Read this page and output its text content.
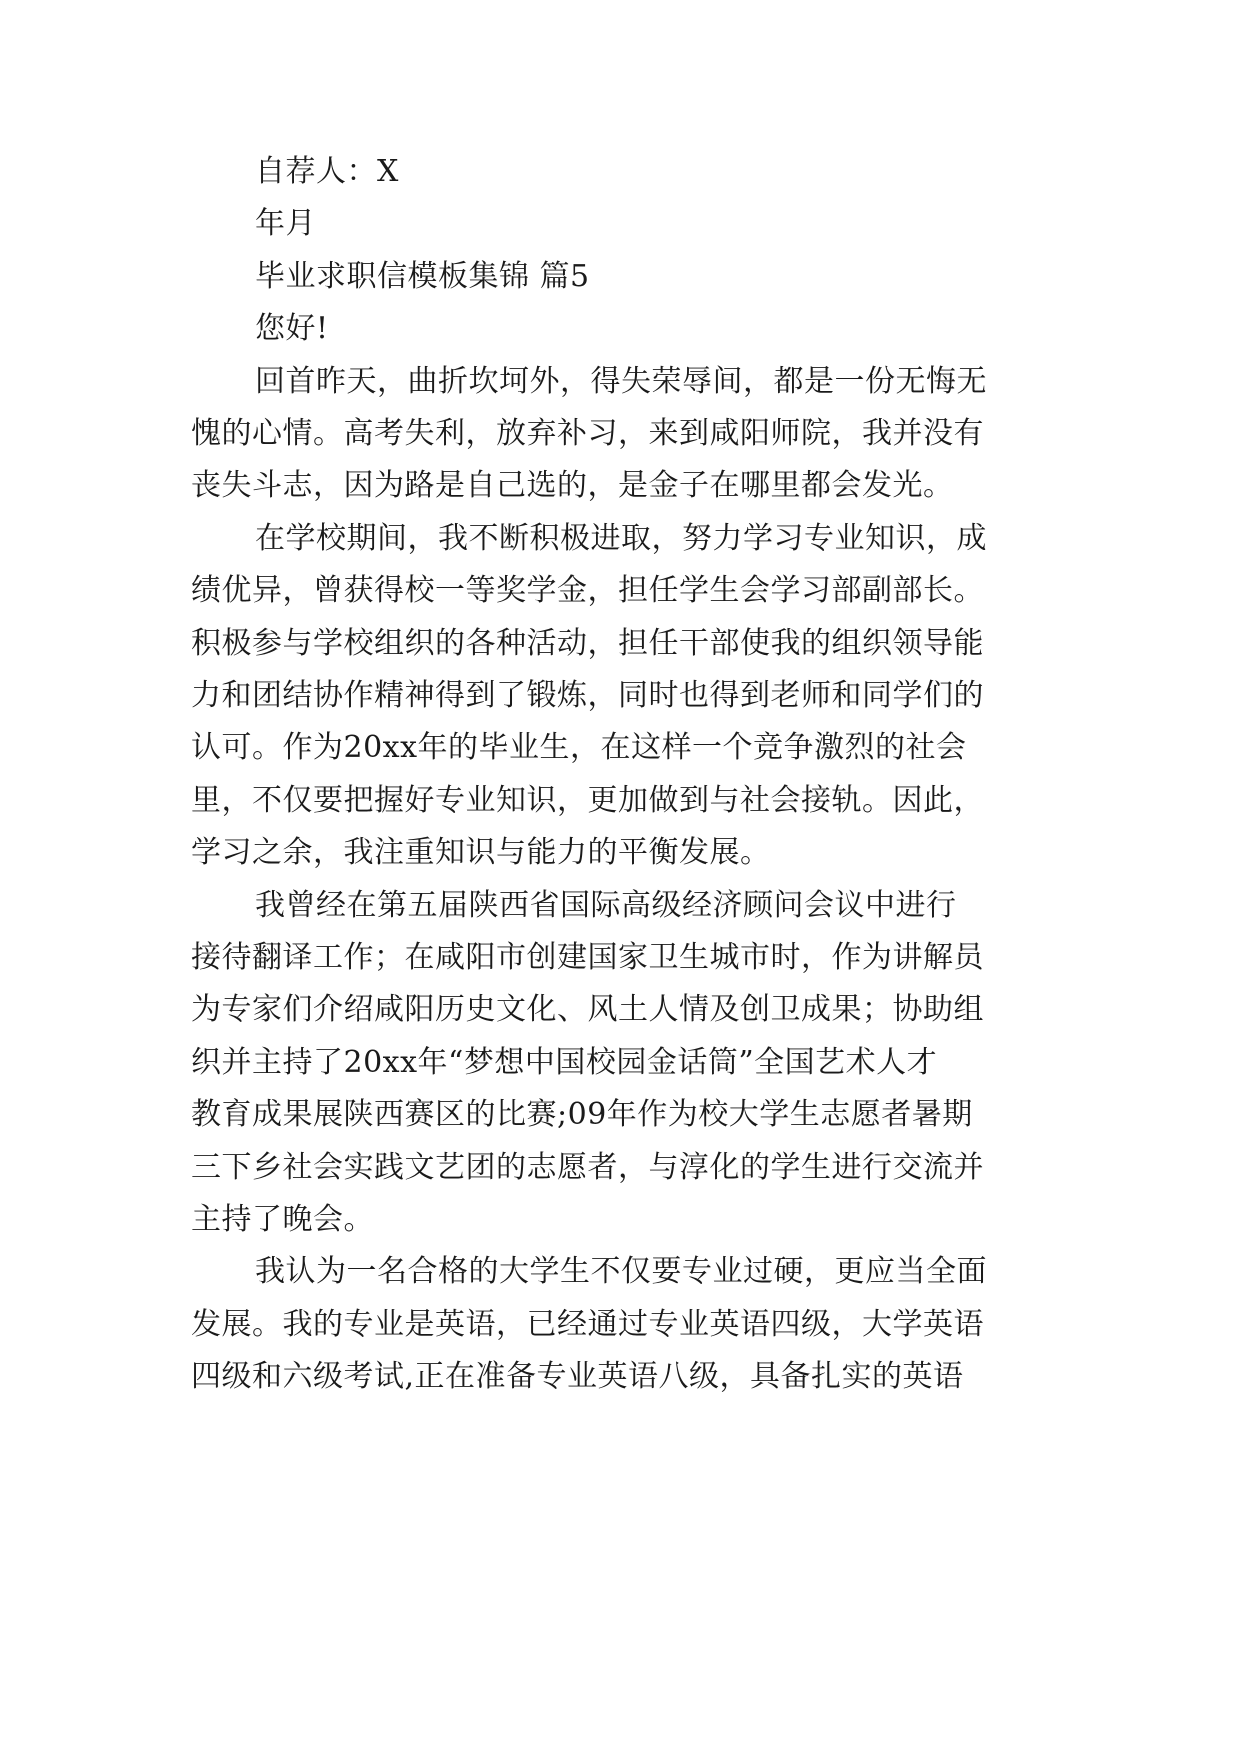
自荐人：X
年月
毕业求职信模板集锦 篇5
您好!
回首昨天，曲折坎坷外，得失荣辱间，都是一份无悔无
愧的心情。高考失利，放弃补习，来到咸阳师院，我并没有
丧失斗志，因为路是自己选的，是金子在哪里都会发光。
在学校期间，我不断积极进取，努力学习专业知识，成
绩优异，曾获得校一等奖学金，担任学生会学习部副部长。
积极参与学校组织的各种活动，担任干部使我的组织领导能
力和团结协作精神得到了锻炼，同时也得到老师和同学们的
认可。作为20xx年的毕业生，在这样一个竞争激烈的社会
里，不仅要把握好专业知识，更加做到与社会接轨。因此，
学习之余，我注重知识与能力的平衡发展。
我曾经在第五届陕西省国际高级经济顾问会议中进行
接待翻译工作；在咸阳市创建国家卫生城市时，作为讲解员
为专家们介绍咸阳历史文化、风土人情及创卫成果；协助组
织并主持了20xx年“梦想中国校园金话筒”全国艺术人才
教育成果展陕西赛区的比赛;09年作为校大学生志愿者暑期
三下乡社会实践文艺团的志愿者，与淳化的学生进行交流并
主持了晚会。
我认为一名合格的大学生不仅要专业过硬，更应当全面
发展。我的专业是英语，已经通过专业英语四级，大学英语
四级和六级考试,正在准备专业英语八级，具备扎实的英语
